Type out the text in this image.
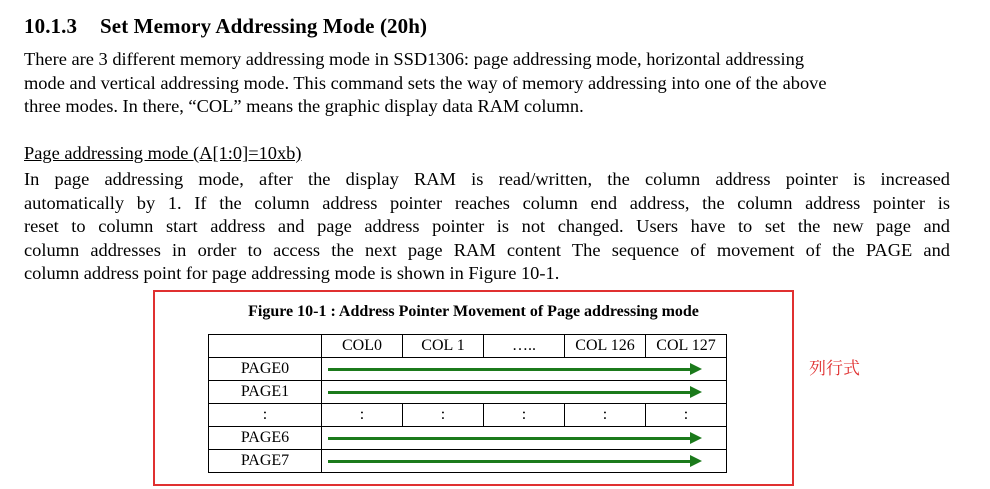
10.1.3 Set Memory Addressing Mode (20h)
There are 3 different memory addressing mode in SSD1306: page addressing mode, horizontal addressing
mode and vertical addressing mode. This command sets the way of memory addressing into one of the above
three modes. In there, “COL” means the graphic display data RAM column.
Page addressing mode (A[1:0]=10xb)
In page addressing mode, after the display RAM is read/written, the column address pointer is increased
automatically by 1. If the column address pointer reaches column end address, the column address pointer is
reset to column start address and page address pointer is not changed. Users have to set the new page and
column addresses in order to access the next page RAM content The sequence of movement of the PAGE and
column address point for page addressing mode is shown in Figure 10-1.
Figure 10-1 : Address Pointer Movement of Page addressing mode
列行式
	COL0	COL 1	…..	COL 126	COL 127
PAGE0					

PAGE1					

:	:	:	:	:	:
PAGE6					

PAGE7					
